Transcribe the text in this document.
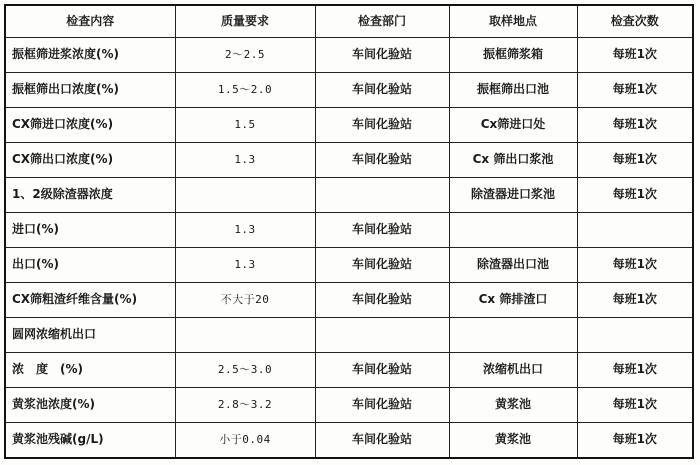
检查内容	质量要求	检查部门	取样地点	检查次数
振框筛进浆浓度(%)	2～2.5	车间化验站	振框筛浆箱	每班1次
振框筛出口浓度(%)	1.5～2.0	车间化验站	振框筛出口池	每班1次
CX筛进口浓度(%)	1.5	车间化验站	Cx筛进口处	每班1次
CX筛出口浓度(%)	1.3	车间化验站	Cx 筛出口浆池	每班1次
1、2级除渣器浓度			除渣器进口浆池	每班1次
进口(%)	1.3	车间化验站		
出口(%)	1.3	车间化验站	除渣器出口池	每班1次
CX筛粗渣纤维含量(%)	不大于20	车间化验站	Cx 筛排渣口	每班1次
圆网浓缩机出口				
浓　度　(%)	2.5～3.0	车间化验站	浓缩机出口	每班1次
黄浆池浓度(%)	2.8～3.2	车间化验站	黄浆池	每班1次
黄浆池残碱(g/L)	小于0.04	车间化验站	黄浆池	每班1次
